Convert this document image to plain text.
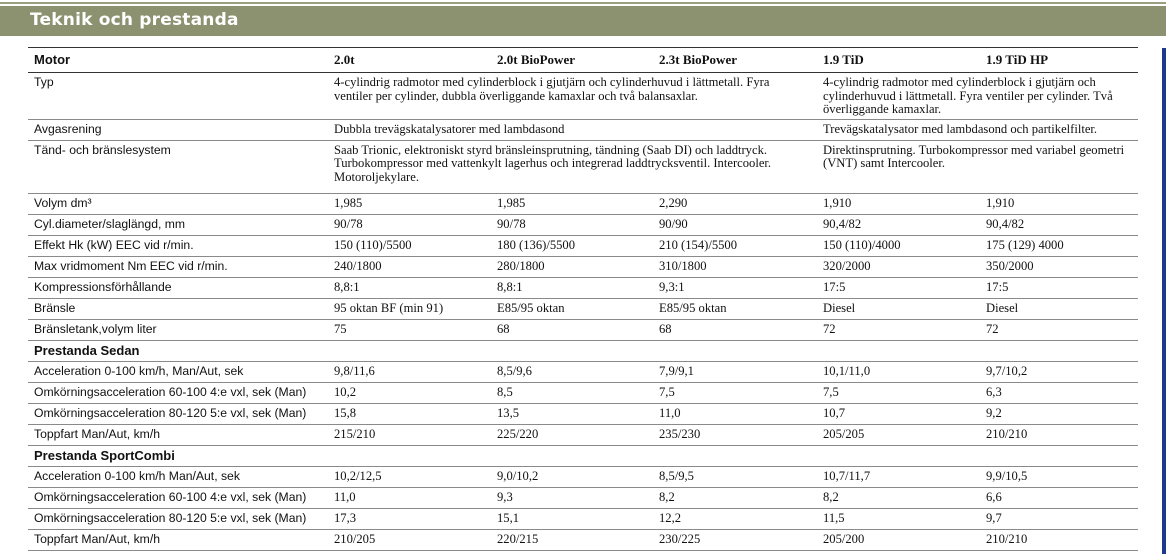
Teknik och prestanda
Motor	2.0t	2.0t BioPower	2.3t BioPower	1.9 TiD	1.9 TiD HP
Typ	4-cylindrig radmotor med cylinderblock i gjutjärn och cylinderhuvud i lättmetall. Fyra ventiler per cylinder, dubbla överliggande kamaxlar och två balansaxlar.			4-cylindrig radmotor med cylinderblock i gjutjärn och cylinderhuvud i lättmetall. Fyra ventiler per cylinder. Två överliggande kamaxlar.	
Avgasrening	Dubbla trevägskatalysatorer med lambdasond			Trevägskatalysator med lambdasond och partikelfilter.	
Tänd- och bränslesystem	Saab Trionic, elektroniskt styrd bränsleinsprutning, tändning (Saab DI) och laddtryck. Turbokompressor med vattenkylt lagerhus och integrerad laddtrycksventil. Intercooler. Motoroljekylare.			Direktinsprutning. Turbokompressor med variabel geometri (VNT) samt Intercooler.	
Volym dm³	1,985	1,985	2,290	1,910	1,910
Cyl.diameter/slaglängd, mm	90/78	90/78	90/90	90,4/82	90,4/82
Effekt Hk (kW) EEC vid r/min.	150 (110)/5500	180 (136)/5500	210 (154)/5500	150 (110)/4000	175 (129) 4000
Max vridmoment Nm EEC vid r/min.	240/1800	280/1800	310/1800	320/2000	350/2000
Kompressionsförhållande	8,8:1	8,8:1	9,3:1	17:5	17:5
Bränsle	95 oktan BF (min 91)	E85/95 oktan	E85/95 oktan	Diesel	Diesel
Bränsletank,volym liter	75	68	68	72	72
Prestanda Sedan					
Acceleration 0-100 km/h, Man/Aut, sek	9,8/11,6	8,5/9,6	7,9/9,1	10,1/11,0	9,7/10,2
Omkörningsacceleration 60-100 4:e vxl, sek (Man)	10,2	8,5	7,5	7,5	6,3
Omkörningsacceleration 80-120 5:e vxl, sek (Man)	15,8	13,5	11,0	10,7	9,2
Toppfart Man/Aut, km/h	215/210	225/220	235/230	205/205	210/210
Prestanda SportCombi					
Acceleration 0-100 km/h Man/Aut, sek	10,2/12,5	9,0/10,2	8,5/9,5	10,7/11,7	9,9/10,5
Omkörningsacceleration 60-100 4:e vxl, sek (Man)	11,0	9,3	8,2	8,2	6,6
Omkörningsacceleration 80-120 5:e vxl, sek (Man)	17,3	15,1	12,2	11,5	9,7
Toppfart Man/Aut, km/h	210/205	220/215	230/225	205/200	210/210
